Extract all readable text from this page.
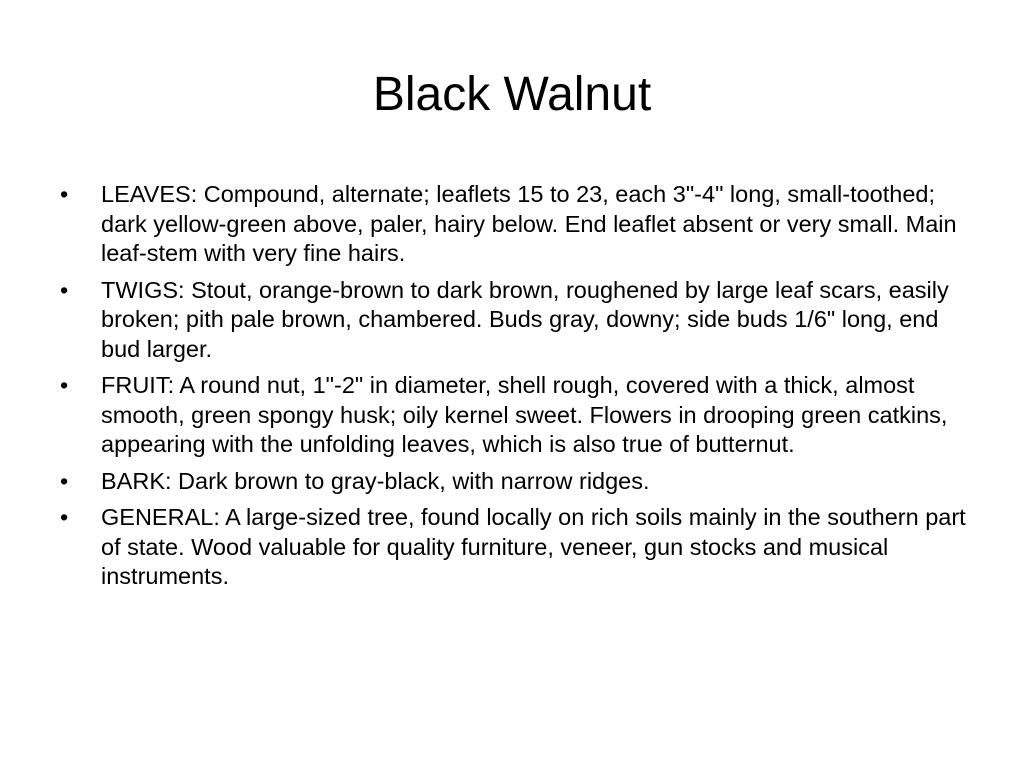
Black Walnut
•	LEAVES: Compound, alternate; leaflets 15 to 23, each 3"-4" long, small-toothed; dark yellow-green above, paler, hairy below. End leaflet absent or very small. Main leaf-stem with very fine hairs.
•	TWIGS: Stout, orange-brown to dark brown, roughened by large leaf scars, easily broken; pith pale brown, chambered. Buds gray, downy; side buds 1/6" long, end bud larger.
•	FRUIT: A round nut, 1"-2" in diameter, shell rough, covered with a thick, almost smooth, green spongy husk; oily kernel sweet. Flowers in drooping green catkins, appearing with the unfolding leaves, which is also true of butternut.
•	BARK: Dark brown to gray-black, with narrow ridges.
•	GENERAL: A large-sized tree, found locally on rich soils mainly in the southern part of state. Wood valuable for quality furniture, veneer, gun stocks and musical instruments.
